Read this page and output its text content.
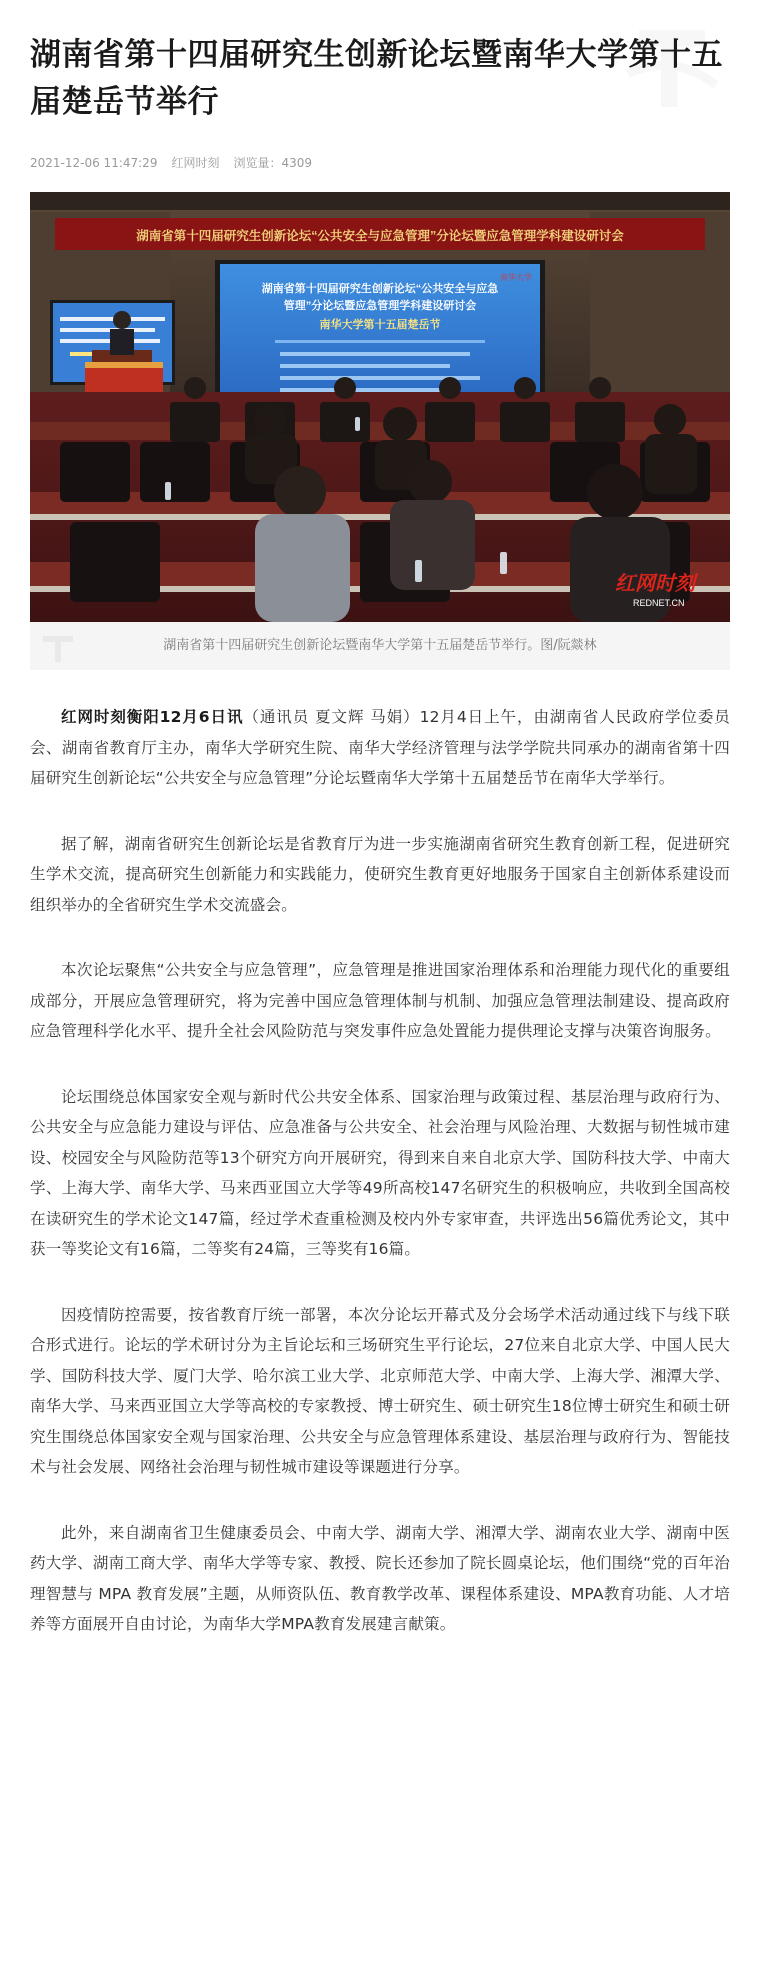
湖南省第十四届研究生创新论坛暨南华大学第十五届楚岳节举行
2021-12-06 11:47:29 红网时刻 浏览量：4309
湖南省第十四届研究生创新论坛“公共安全与应急管理”分论坛暨应急管理学科建设研讨会
湖南省第十四届研究生创新论坛“公共安全与应急
管理”分论坛暨应急管理学科建设研讨会
南华大学第十五届楚岳节
南华大学
红网时刻
REDNET.CN
湖南省第十四届研究生创新论坛暨南华大学第十五届楚岳节举行。图/阮燚林

红网时刻衡阳12月6日讯（通讯员 夏文辉 马娟）12月4日上午，由湖南省人民政府学位委员会、湖南省教育厅主办，南华大学研究生院、南华大学经济管理与法学学院共同承办的湖南省第十四届研究生创新论坛“公共安全与应急管理”分论坛暨南华大学第十五届楚岳节在南华大学举行。

据了解，湖南省研究生创新论坛是省教育厅为进一步实施湖南省研究生教育创新工程，促进研究生学术交流，提高研究生创新能力和实践能力，使研究生教育更好地服务于国家自主创新体系建设而组织举办的全省研究生学术交流盛会。

本次论坛聚焦“公共安全与应急管理”，应急管理是推进国家治理体系和治理能力现代化的重要组成部分，开展应急管理研究，将为完善中国应急管理体制与机制、加强应急管理法制建设、提高政府应急管理科学化水平、提升全社会风险防范与突发事件应急处置能力提供理论支撑与决策咨询服务。

论坛围绕总体国家安全观与新时代公共安全体系、国家治理与政策过程、基层治理与政府行为、公共安全与应急能力建设与评估、应急准备与公共安全、社会治理与风险治理、大数据与韧性城市建设、校园安全与风险防范等13个研究方向开展研究，得到来自来自北京大学、国防科技大学、中南大学、上海大学、南华大学、马来西亚国立大学等49所高校147名研究生的积极响应，共收到全国高校在读研究生的学术论文147篇，经过学术查重检测及校内外专家审查，共评选出56篇优秀论文，其中获一等奖论文有16篇，二等奖有24篇，三等奖有16篇。

因疫情防控需要，按省教育厅统一部署，本次分论坛开幕式及分会场学术活动通过线下与线下联合形式进行。论坛的学术研讨分为主旨论坛和三场研究生平行论坛，27位来自北京大学、中国人民大学、国防科技大学、厦门大学、哈尔滨工业大学、北京师范大学、中南大学、上海大学、湘潭大学、南华大学、马来西亚国立大学等高校的专家教授、博士研究生、硕士研究生18位博士研究生和硕士研究生围绕总体国家安全观与国家治理、公共安全与应急管理体系建设、基层治理与政府行为、智能技术与社会发展、网络社会治理与韧性城市建设等课题进行分享。

此外，来自湖南省卫生健康委员会、中南大学、湖南大学、湘潭大学、湖南农业大学、湖南中医药大学、湖南工商大学、南华大学等专家、教授、院长还参加了院长圆桌论坛，他们围绕“党的百年治理智慧与 MPA 教育发展”主题，从师资队伍、教育教学改革、课程体系建设、MPA教育功能、人才培养等方面展开自由讨论，为南华大学MPA教育发展建言献策。
